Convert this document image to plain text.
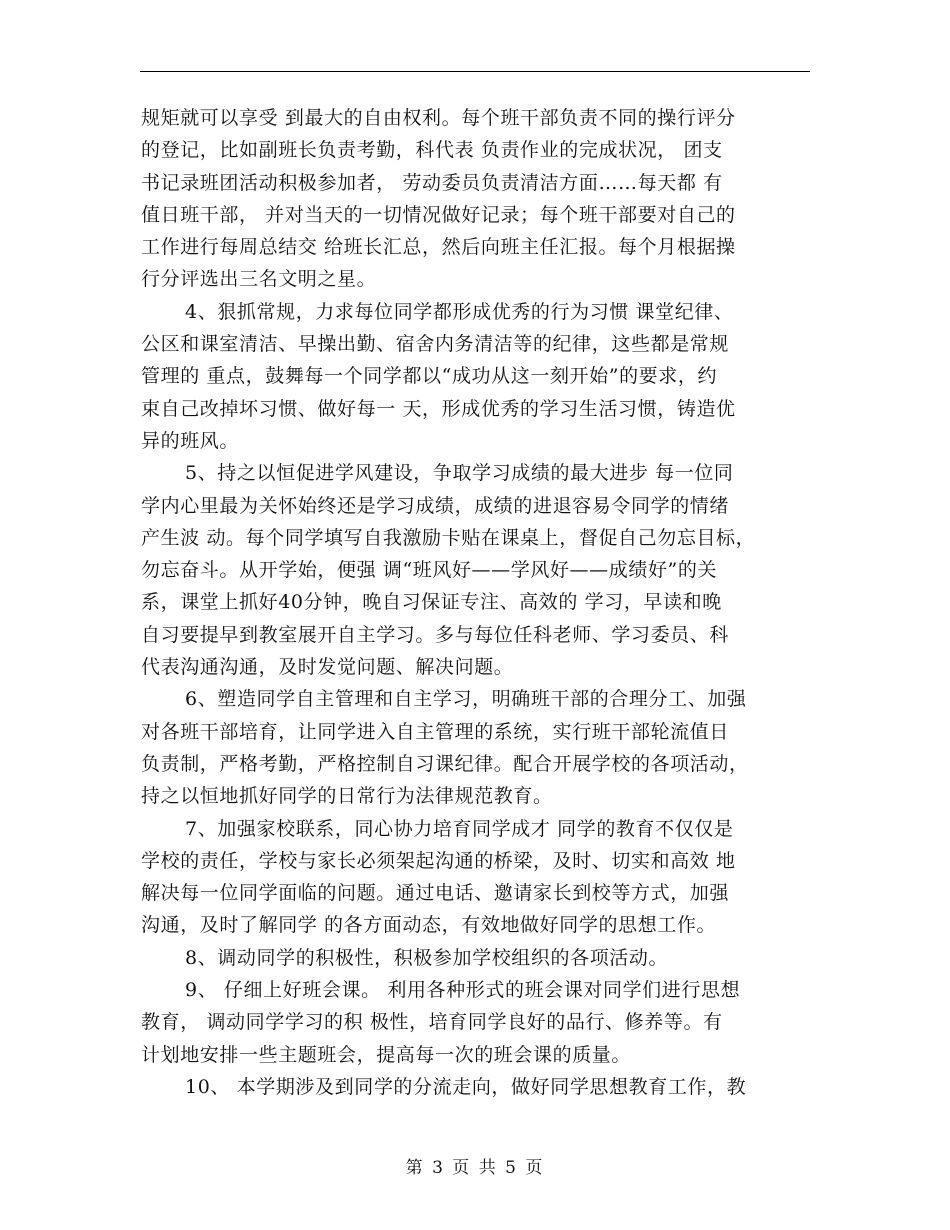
规矩就可以享受 到最大的自由权利。每个班干部负责不同的操行评分
的登记，比如副班长负责考勤，科代表 负责作业的完成状况， 团支
书记录班团活动积极参加者， 劳动委员负责清洁方面……每天都 有
值日班干部， 并对当天的一切情况做好记录；每个班干部要对自己的
工作进行每周总结交 给班长汇总，然后向班主任汇报。每个月根据操
行分评选出三名文明之星。
4、狠抓常规，力求每位同学都形成优秀的行为习惯 课堂纪律、
公区和课室清洁、早操出勤、宿舍内务清洁等的纪律，这些都是常规
管理的 重点，鼓舞每一个同学都以“成功从这一刻开始”的要求，约
束自己改掉坏习惯、做好每一 天，形成优秀的学习生活习惯，铸造优
异的班风。
5、持之以恒促进学风建设，争取学习成绩的最大进步 每一位同
学内心里最为关怀始终还是学习成绩，成绩的进退容易令同学的情绪
产生波 动。每个同学填写自我激励卡贴在课桌上，督促自己勿忘目标，
勿忘奋斗。从开学始，便强 调“班风好——学风好——成绩好”的关
系，课堂上抓好40分钟，晚自习保证专注、高效的 学习，早读和晚
自习要提早到教室展开自主学习。多与每位任科老师、学习委员、科
代表沟通沟通，及时发觉问题、解决问题。
6、塑造同学自主管理和自主学习，明确班干部的合理分工、加强
对各班干部培育，让同学进入自主管理的系统，实行班干部轮流值日
负责制，严格考勤，严格控制自习课纪律。配合开展学校的各项活动，
持之以恒地抓好同学的日常行为法律规范教育。
7、加强家校联系，同心协力培育同学成才 同学的教育不仅仅是
学校的责任，学校与家长必须架起沟通的桥梁，及时、切实和高效 地
解决每一位同学面临的问题。通过电话、邀请家长到校等方式，加强
沟通，及时了解同学 的各方面动态，有效地做好同学的思想工作。
8、调动同学的积极性，积极参加学校组织的各项活动。
9、 仔细上好班会课。 利用各种形式的班会课对同学们进行思想
教育， 调动同学学习的积 极性，培育同学良好的品行、修养等。有
计划地安排一些主题班会，提高每一次的班会课的质量。
10、 本学期涉及到同学的分流走向，做好同学思想教育工作，教
第 3 页 共 5 页
